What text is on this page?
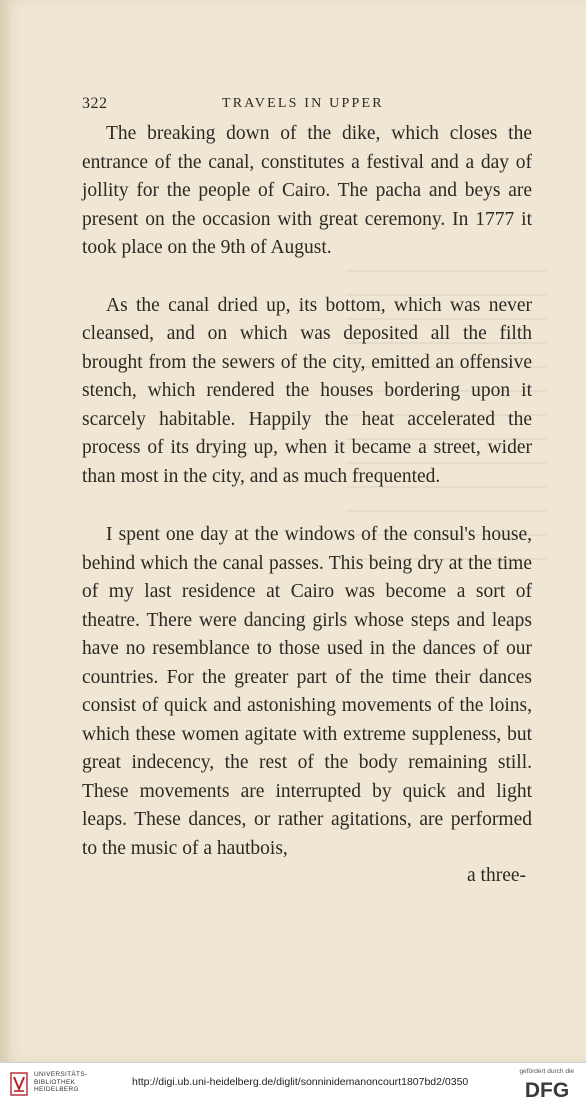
322	TRAVELS IN UPPER

The breaking down of the dike, which closes the entrance of the canal, constitutes a festival and a day of jollity for the people of Cairo. The pacha and beys are present on the occasion with great ceremony. In 1777 it took place on the 9th of August.

As the canal dried up, its bottom, which was never cleansed, and on which was deposited all the filth brought from the sewers of the city, emitted an offensive stench, which rendered the houses bordering upon it scarcely habitable. Happily the heat accelerated the process of its drying up, when it became a street, wider than most in the city, and as much frequented.

I spent one day at the windows of the consul's house, behind which the canal passes. This being dry at the time of my last residence at Cairo was become a sort of theatre. There were dancing girls whose steps and leaps have no resemblance to those used in the dances of our countries. For the greater part of the time their dances consist of quick and astonishing movements of the loins, which these women agitate with extreme suppleness, but great indecency, the rest of the body remaining still. These movements are interrupted by quick and light leaps. These dances, or rather agitations, are performed to the music of a hautbois,

a three-
UNIVERSITÄTS-
BIBLIOTHEK
HEIDELBERG
http://digi.ub.uni-heidelberg.de/diglit/sonninidemanoncourt1807bd2/0350
gefördert durch die
DFG
